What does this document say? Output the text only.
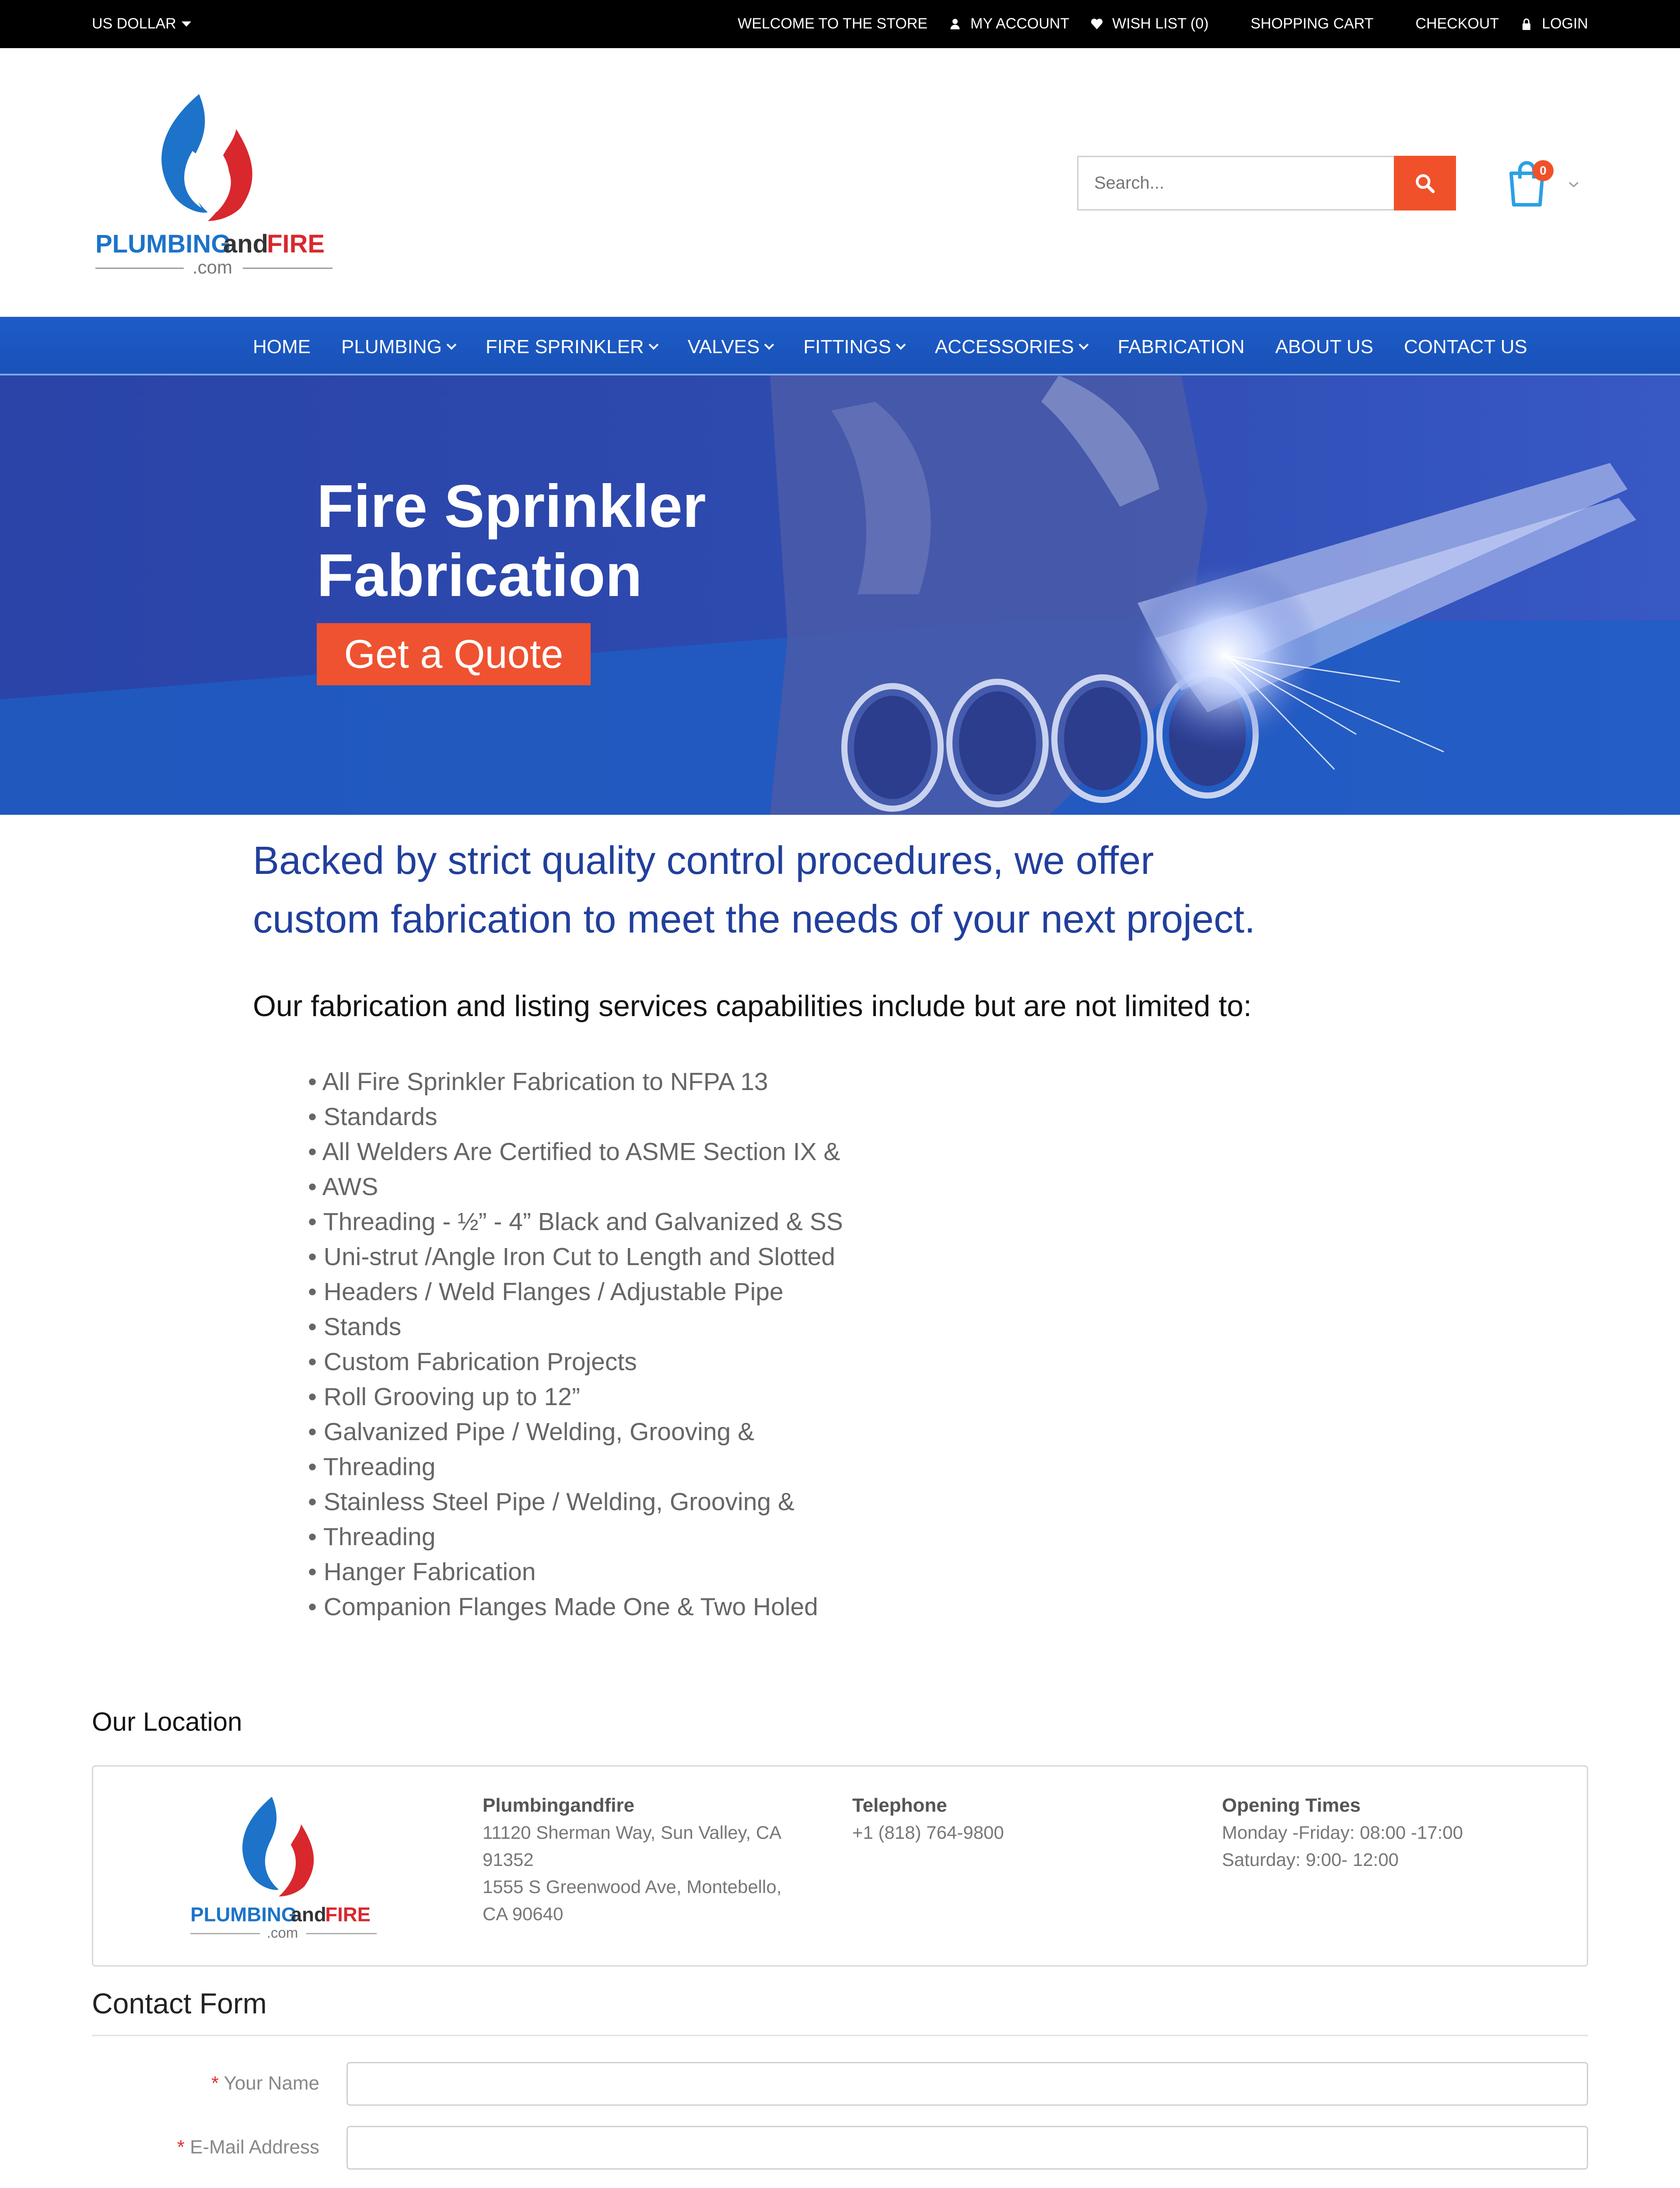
US DOLLAR	WELCOME TO THE STORE	MY ACCOUNT	WISH LIST (0)	SHOPPING CART	CHECKOUT	LOGIN
PLUMBING
and
FIRE
.com
Search...
0
HOME PLUMBING FIRE SPRINKLER VALVES FITTINGS ACCESSORIES FABRICATION ABOUT US CONTACT US
Fire Sprinkler
Fabrication
Get a Quote
Backed by strict quality control procedures, we offer
custom fabrication to meet the needs of your next project.
Our fabrication and listing services capabilities include but are not limited to:
• All Fire Sprinkler Fabrication to NFPA 13
• Standards
• All Welders Are Certified to ASME Section IX &
• AWS
• Threading - ½” - 4” Black and Galvanized & SS
• Uni-strut /Angle Iron Cut to Length and Slotted
• Headers / Weld Flanges / Adjustable Pipe
• Stands
• Custom Fabrication Projects
• Roll Grooving up to 12”
• Galvanized Pipe / Welding, Grooving &
• Threading
• Stainless Steel Pipe / Welding, Grooving &
• Threading
• Hanger Fabrication
• Companion Flanges Made One & Two Holed
Our Location
PLUMBING
and
FIRE
.com
Plumbingandfire
11120 Sherman Way, Sun Valley, CA
91352
1555 S Greenwood Ave, Montebello,
CA 90640
Telephone
+1 (818) 764-9800
Opening Times
Monday -Friday: 08:00 -17:00
Saturday: 9:00- 12:00
Contact Form
* Your Name
* E-Mail Address
